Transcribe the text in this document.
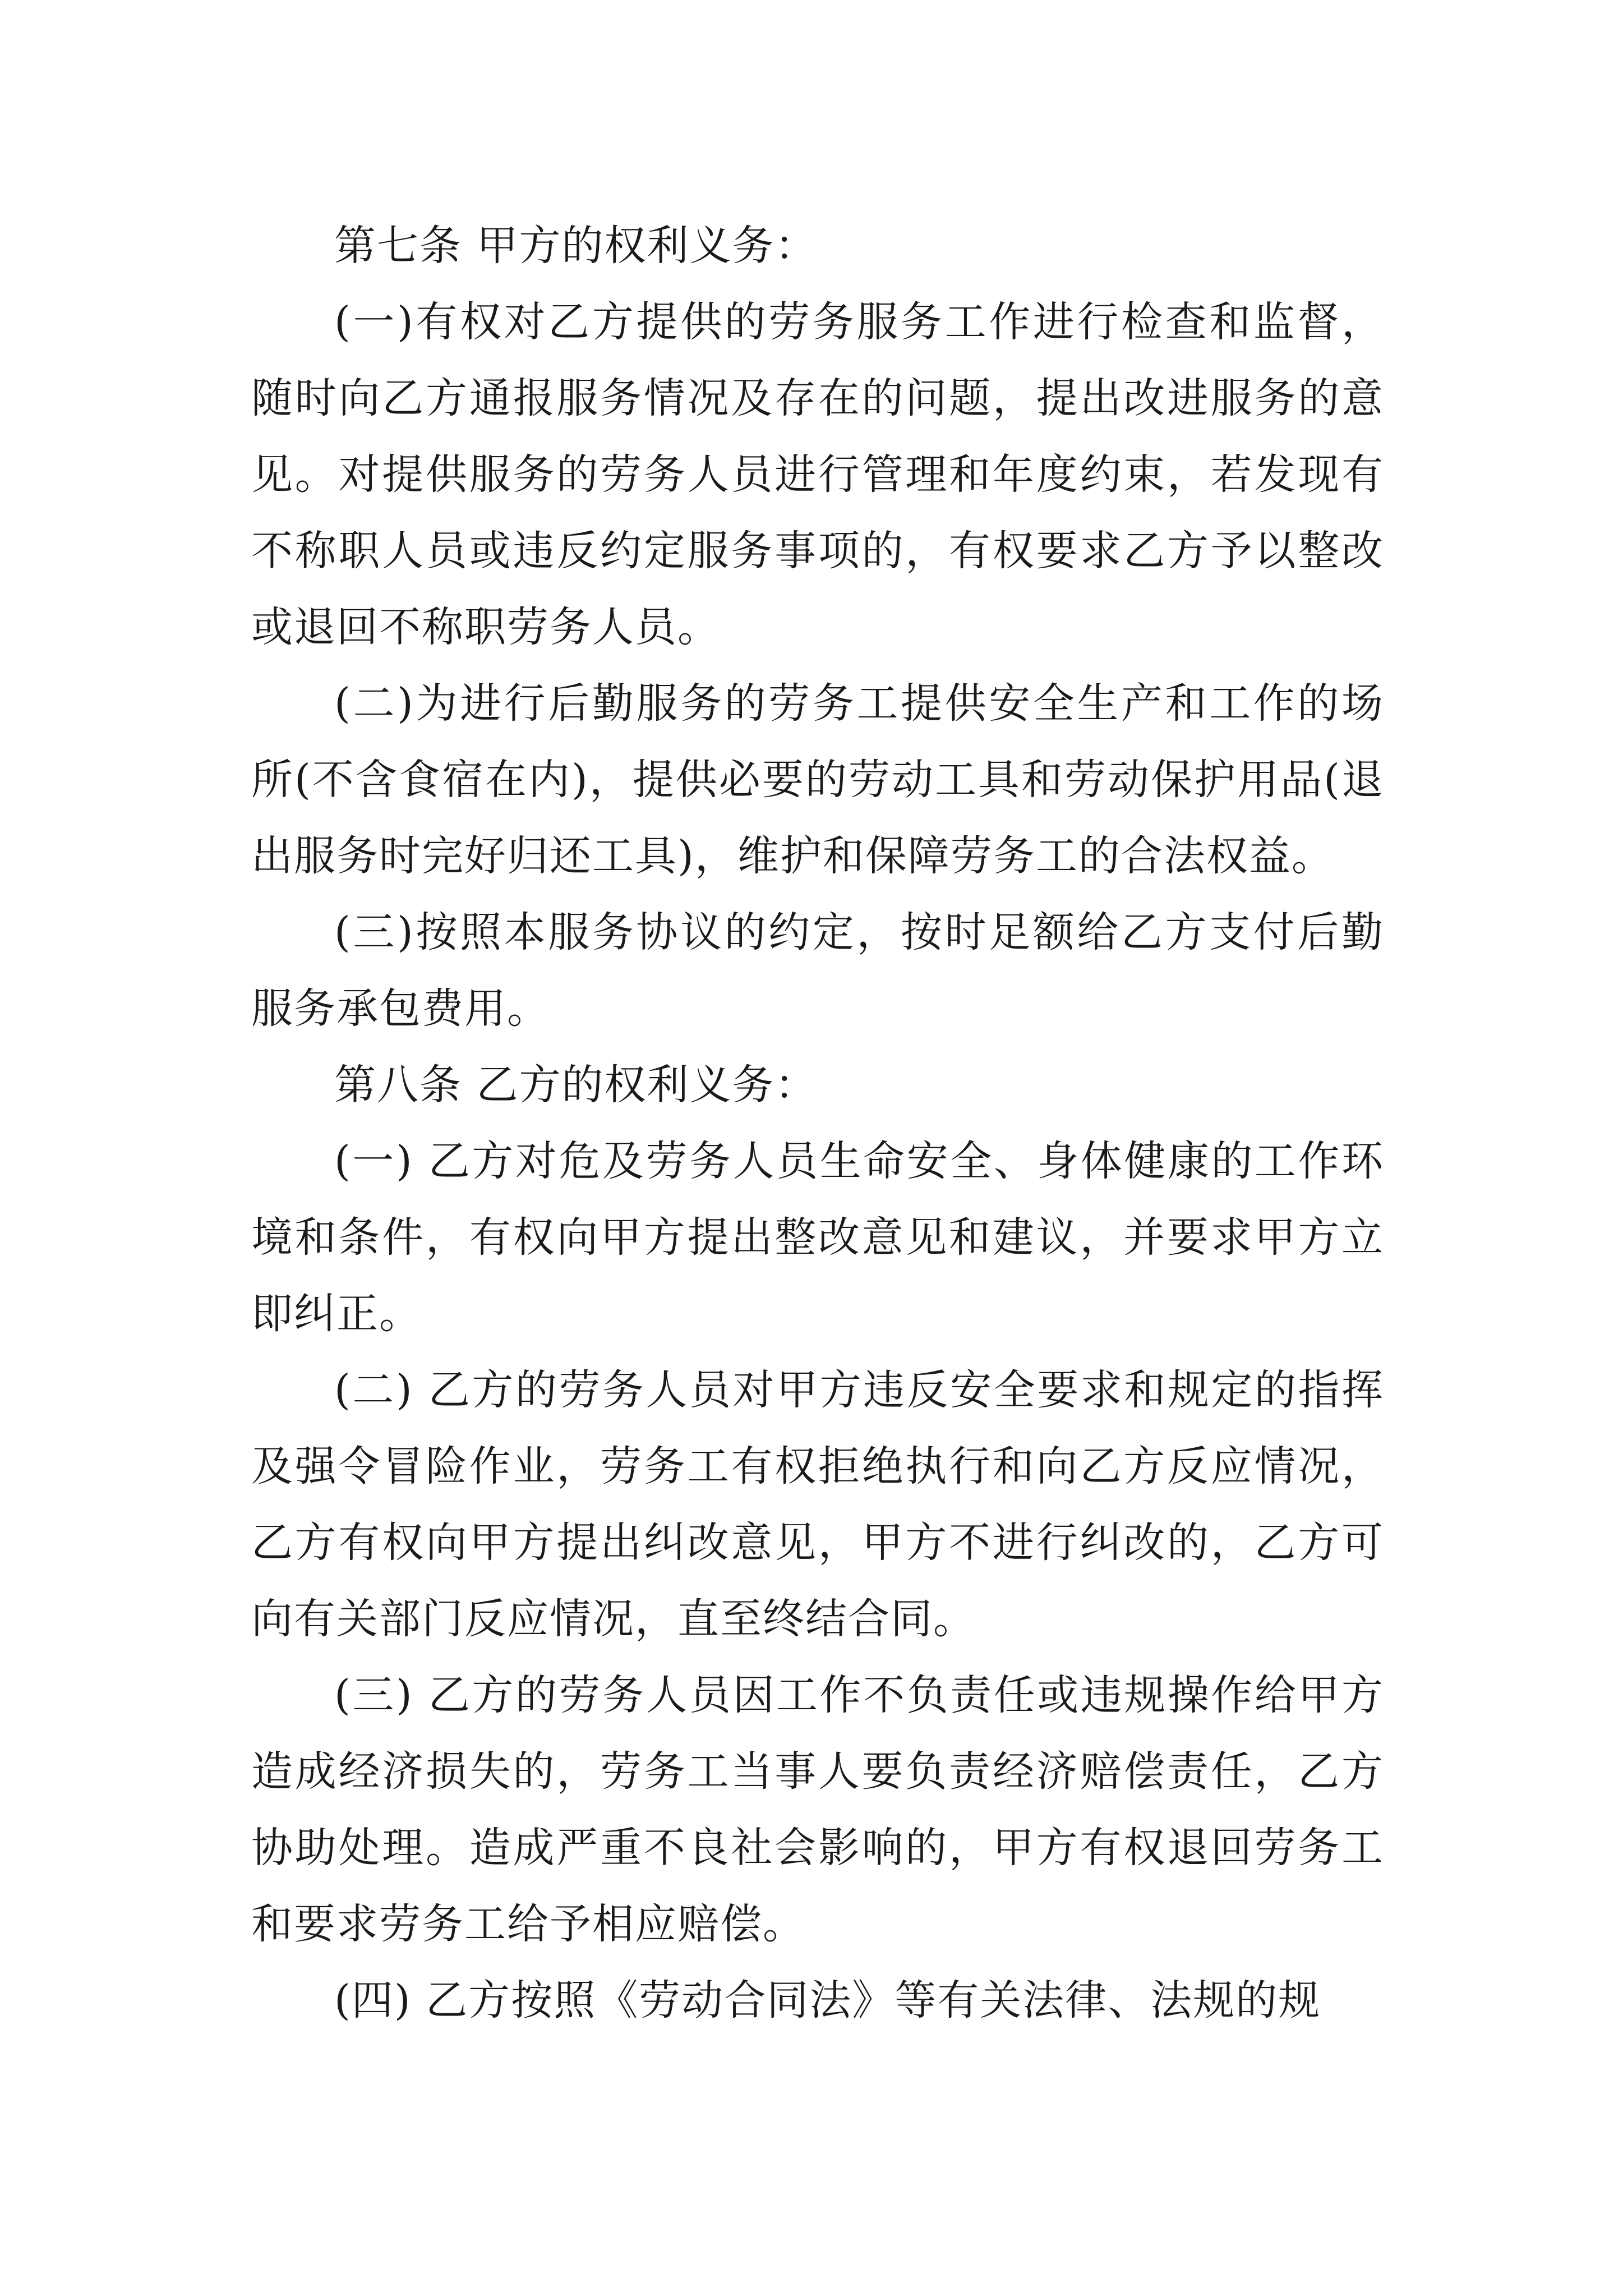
第七条 甲方的权利义务：

(一)有权对乙方提供的劳务服务工作进行检查和监督，随时向乙方通报服务情况及存在的问题，提出改进服务的意见。对提供服务的劳务人员进行管理和年度约束，若发现有不称职人员或违反约定服务事项的，有权要求乙方予以整改或退回不称职劳务人员。

(二)为进行后勤服务的劳务工提供安全生产和工作的场所(不含食宿在内)，提供必要的劳动工具和劳动保护用品(退出服务时完好归还工具)，维护和保障劳务工的合法权益。

(三)按照本服务协议的约定，按时足额给乙方支付后勤服务承包费用。

第八条 乙方的权利义务：

(一) 乙方对危及劳务人员生命安全、身体健康的工作环境和条件，有权向甲方提出整改意见和建议，并要求甲方立即纠正。

(二) 乙方的劳务人员对甲方违反安全要求和规定的指挥及强令冒险作业，劳务工有权拒绝执行和向乙方反应情况，乙方有权向甲方提出纠改意见，甲方不进行纠改的，乙方可向有关部门反应情况，直至终结合同。

(三) 乙方的劳务人员因工作不负责任或违规操作给甲方造成经济损失的，劳务工当事人要负责经济赔偿责任，乙方协助处理。造成严重不良社会影响的，甲方有权退回劳务工和要求劳务工给予相应赔偿。

(四) 乙方按照《劳动合同法》等有关法律、法规的规
